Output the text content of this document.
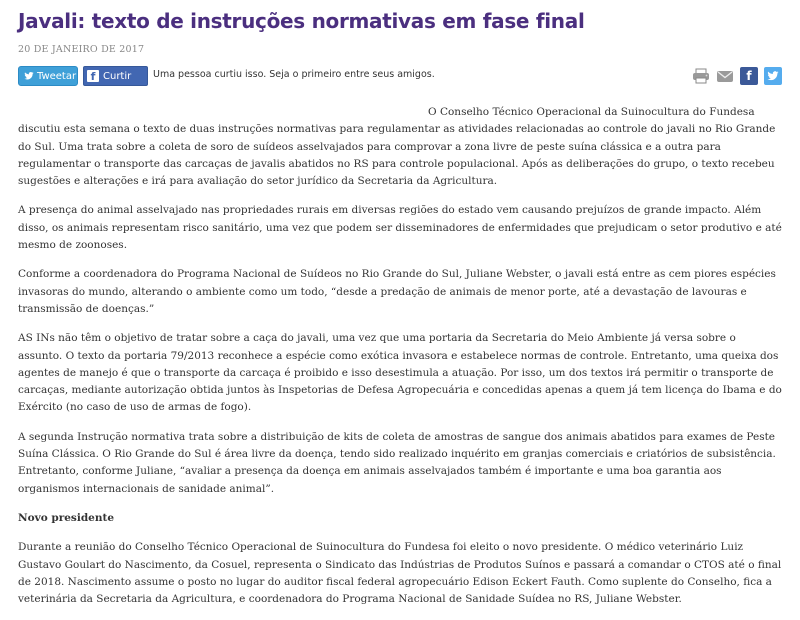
Javali: texto de instruções normativas em fase final
20 DE JANEIRO DE 2017
Tweetar	f Curtir Uma pessoa curtiu isso. Seja o primeiro entre seus amigos.	f

O Conselho Técnico Operacional da Suinocultura do Fundesa discutiu esta semana o texto de duas instruções normativas para regulamentar as atividades relacionadas ao controle do javali no Rio Grande do Sul. Uma trata sobre a coleta de soro de suídeos asselvajados para comprovar a zona livre de peste suína clássica e a outra para regulamentar o transporte das carcaças de javalis abatidos no RS para controle populacional. Após as deliberações do grupo, o texto recebeu sugestões e alterações e irá para avaliação do setor jurídico da Secretaria da Agricultura.

A presença do animal asselvajado nas propriedades rurais em diversas regiões do estado vem causando prejuízos de grande impacto. Além disso, os animais representam risco sanitário, uma vez que podem ser disseminadores de enfermidades que prejudicam o setor produtivo e até mesmo de zoonoses.

Conforme a coordenadora do Programa Nacional de Suídeos no Rio Grande do Sul, Juliane Webster, o javali está entre as cem piores espécies invasoras do mundo, alterando o ambiente como um todo, “desde a predação de animais de menor porte, até a devastação de lavouras e transmissão de doenças.”

AS INs não têm o objetivo de tratar sobre a caça do javali, uma vez que uma portaria da Secretaria do Meio Ambiente já versa sobre o assunto. O texto da portaria 79/2013 reconhece a espécie como exótica invasora e estabelece normas de controle. Entretanto, uma queixa dos agentes de manejo é que o transporte da carcaça é proibido e isso desestimula a atuação. Por isso, um dos textos irá permitir o transporte de carcaças, mediante autorização obtida juntos às Inspetorias de Defesa Agropecuária e concedidas apenas a quem já tem licença do Ibama e do Exército (no caso de uso de armas de fogo).

A segunda Instrução normativa trata sobre a distribuição de kits de coleta de amostras de sangue dos animais abatidos para exames de Peste Suína Clássica. O Rio Grande do Sul é área livre da doença, tendo sido realizado inquérito em granjas comerciais e criatórios de subsistência. Entretanto, conforme Juliane, “avaliar a presença da doença em animais asselvajados também é importante e uma boa garantia aos organismos internacionais de sanidade animal”.

Novo presidente

Durante a reunião do Conselho Técnico Operacional de Suinocultura do Fundesa foi eleito o novo presidente. O médico veterinário Luiz Gustavo Goulart do Nascimento, da Cosuel, representa o Sindicato das Indústrias de Produtos Suínos e passará a comandar o CTOS até o final de 2018. Nascimento assume o posto no lugar do auditor fiscal federal agropecuário Edison Eckert Fauth. Como suplente do Conselho, fica a veterinária da Secretaria da Agricultura, e coordenadora do Programa Nacional de Sanidade Suídea no RS, Juliane Webster.
